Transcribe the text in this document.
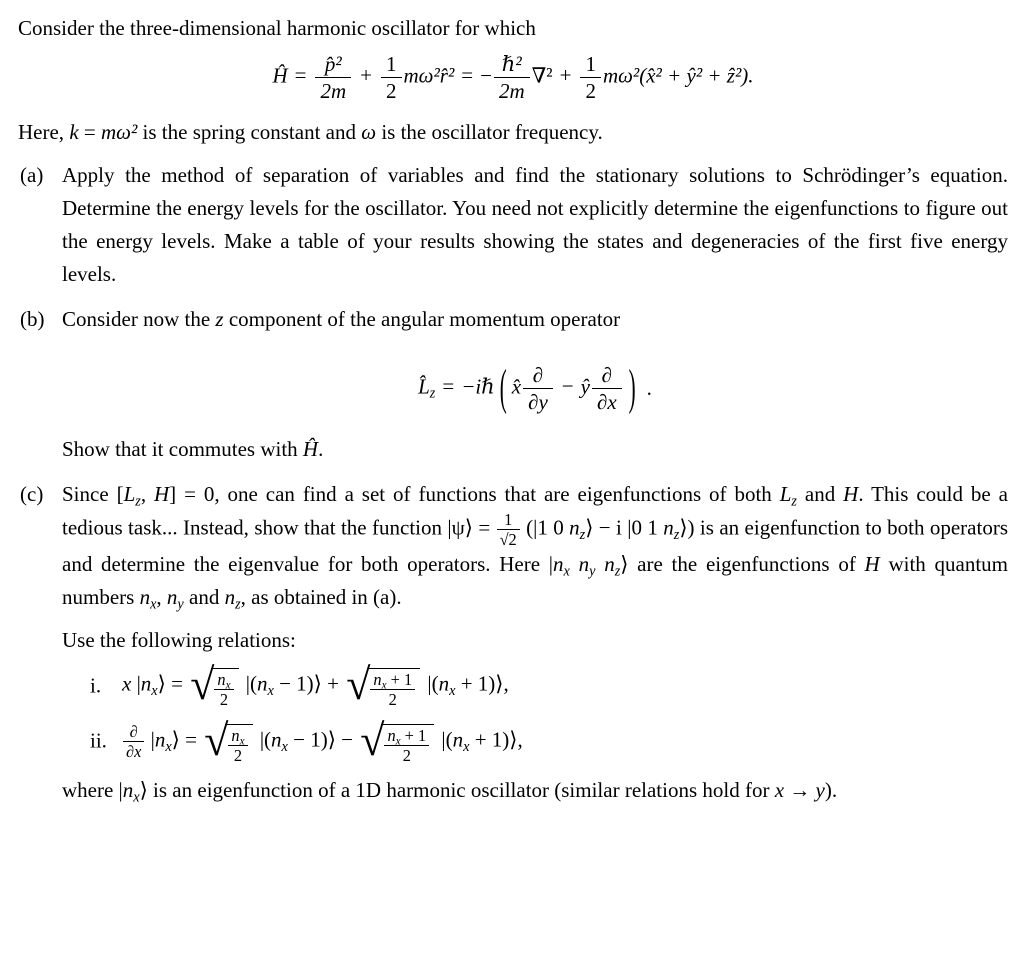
Consider the three-dimensional harmonic oscillator for which

Ĥ = $\frac{\text{p̂²}}{2m} + \frac{1}{2}$ mω²r̂² = − $\frac{\text{ℏ²}}{2m} \nabla^2 + \frac{1}{2}$ mω²(x̂² + ŷ² + ẑ²).

Here, k = mω² is the spring constant and ω is the oscillator frequency.

(a) Apply the method of separation of variables and find the stationary solutions to Schrödinger’s equation. Determine the energy levels for the oscillator. You need not explicitly determine the eigenfunctions to figure out the energy levels. Make a table of your results showing the states and degeneracies of the first five energy levels.

(b) Consider now the z component of the angular momentum operator

$L̂_z$ = −iℏ ( x̂ $\frac{\partial}{\partial y}$ − ŷ $\frac{\partial}{\partial x}$ ) .

Show that it commutes with Ĥ.

(c) Since [$L_z$, H] = 0, one can find a set of functions that are eigenfunctions of both $L_z$ and H. This could be a tedious task... Instead, show that the function |ψ⟩ = $\frac{1}{√2} (|1$ 0 $n_z⟩ - i$ |0 1 $n_z⟩$) is an eigenfunction to both operators and determine the eigenvalue for both operators. Here $|n_x$ $n_y$ $n_z⟩$ are the eigenfunctions of H with quantum numbers $n_x$, $n_y$ and $n_z$, as obtained in (a).

Use the following relations:

i. x $|n_x⟩$ = √ $\frac{n_x}{2} |(n_x$ − 1)⟩ + √ $\frac{n_x + 1}{2} |(n_x$ + 1)⟩,
ii. $\frac{\partial}{\partial x}$ $|n_x⟩$ = √ $\frac{n_x}{2} |(n_x$ − 1)⟩ − √ $\frac{n_x + 1}{2} |(n_x$ + 1)⟩,

where $|n_x⟩$ is an eigenfunction of a 1D harmonic oscillator (similar relations hold for x → y).
